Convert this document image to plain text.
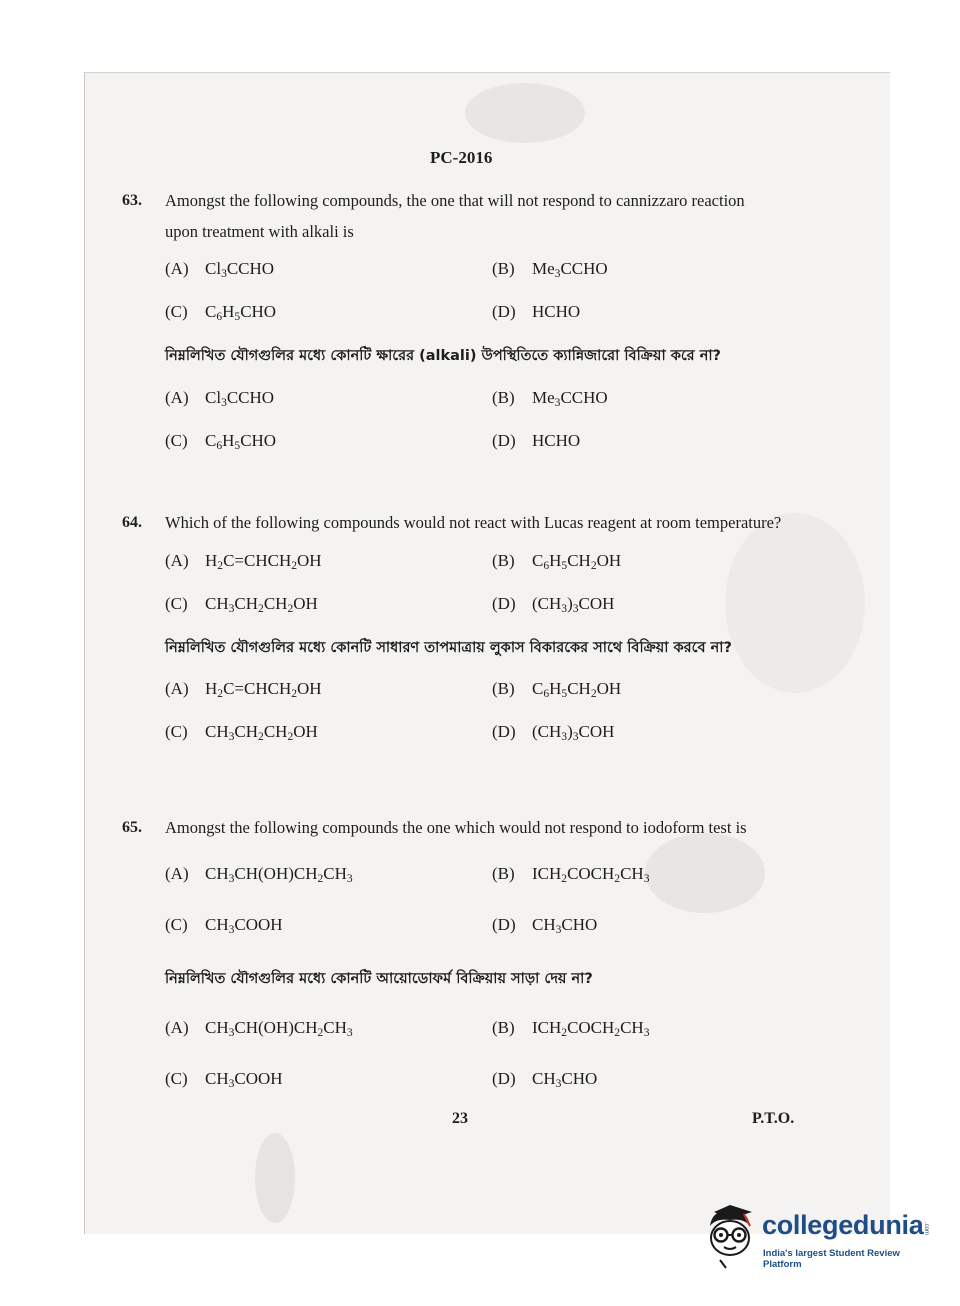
PC-2016
63. Amongst the following compounds, the one that will not respond to cannizzaro reaction
upon treatment with alkali is
(A) $Cl_3CCHO$	(B) $Me_3CCHO$
(C) $C_6H_5CHO$	(D) HCHO
নিম্নলিখিত যৌগগুলির মধ্যে কোনটি ক্ষারের (alkali) উপস্থিতিতে ক্যান্নিজারো বিক্রিয়া করে না?
(A) $Cl_3CCHO$	(B) $Me_3CCHO$
(C) $C_6H_5CHO$	(D) HCHO
64. Which of the following compounds would not react with Lucas reagent at room temperature?
(A) $H_2C=CHCH_2OH$	(B) $C_6H_5CH_2OH$
(C) $CH_3CH_2CH_2OH$	(D) $(CH_3)_3COH$
নিম্নলিখিত যৌগগুলির মধ্যে কোনটি সাধারণ তাপমাত্রায় লুকাস বিকারকের সাথে বিক্রিয়া করবে না?
(A) $H_2C=CHCH_2OH$	(B) $C_6H_5CH_2OH$
(C) $CH_3CH_2CH_2OH$	(D) $(CH_3)_3COH$
65. Amongst the following compounds the one which would not respond to iodoform test is
(A) $CH_3CH(OH)CH_2CH_3$	(B) $ICH_2COCH_2CH_3$
(C) $CH_3COOH$	(D) $CH_3CHO$
নিম্নলিখিত যৌগগুলির মধ্যে কোনটি আয়োডোফর্ম বিক্রিয়ায় সাড়া দেয় না?
(A) $CH_3CH(OH)CH_2CH_3$	(B) $ICH_2COCH_2CH_3$
(C) $CH_3COOH$	(D) $CH_3CHO$
23	P.T.O.
collegedunia .com
India's largest Student Review Platform
